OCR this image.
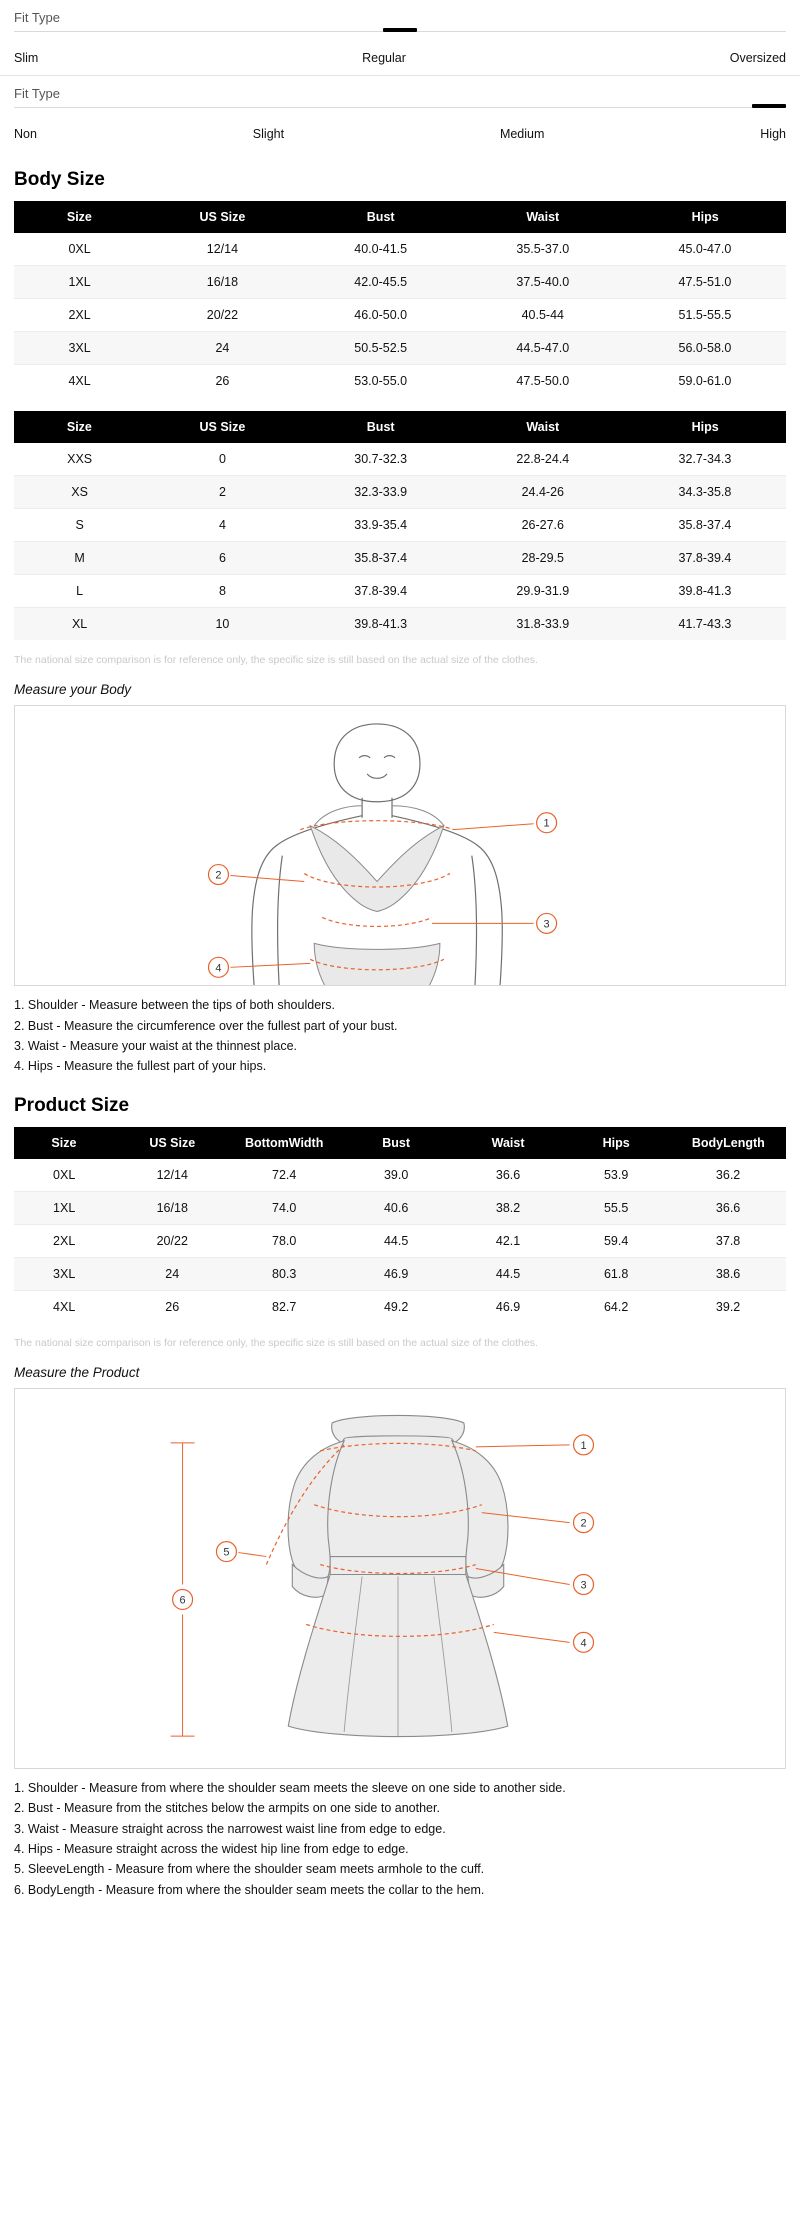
Fit Type
Slim	Regular	Oversized
Fit Type
Non	Slight	Medium	High
Body Size
Size	US Size	Bust	Waist	Hips
0XL	12/14	40.0-41.5	35.5-37.0	45.0-47.0
1XL	16/18	42.0-45.5	37.5-40.0	47.5-51.0
2XL	20/22	46.0-50.0	40.5-44	51.5-55.5
3XL	24	50.5-52.5	44.5-47.0	56.0-58.0
4XL	26	53.0-55.0	47.5-50.0	59.0-61.0
Size	US Size	Bust	Waist	Hips
XXS	0	30.7-32.3	22.8-24.4	32.7-34.3
XS	2	32.3-33.9	24.4-26	34.3-35.8
S	4	33.9-35.4	26-27.6	35.8-37.4
M	6	35.8-37.4	28-29.5	37.8-39.4
L	8	37.8-39.4	29.9-31.9	39.8-41.3
XL	10	39.8-41.3	31.8-33.9	41.7-43.3
The national size comparison is for reference only, the specific size is still based on the actual size of the clothes.
Measure your Body
1
2
3
4
1. Shoulder - Measure between the tips of both shoulders.
2. Bust - Measure the circumference over the fullest part of your bust.
3. Waist - Measure your waist at the thinnest place.
4. Hips - Measure the fullest part of your hips.
Product Size
Size	US Size	BottomWidth	Bust	Waist	Hips	BodyLength
0XL	12/14	72.4	39.0	36.6	53.9	36.2
1XL	16/18	74.0	40.6	38.2	55.5	36.6
2XL	20/22	78.0	44.5	42.1	59.4	37.8
3XL	24	80.3	46.9	44.5	61.8	38.6
4XL	26	82.7	49.2	46.9	64.2	39.2
The national size comparison is for reference only, the specific size is still based on the actual size of the clothes.
Measure the Product
1
2
3
4
5
6
1. Shoulder - Measure from where the shoulder seam meets the sleeve on one side to another side.
2. Bust - Measure from the stitches below the armpits on one side to another.
3. Waist - Measure straight across the narrowest waist line from edge to edge.
4. Hips - Measure straight across the widest hip line from edge to edge.
5. SleeveLength - Measure from where the shoulder seam meets armhole to the cuff.
6. BodyLength - Measure from where the shoulder seam meets the collar to the hem.
